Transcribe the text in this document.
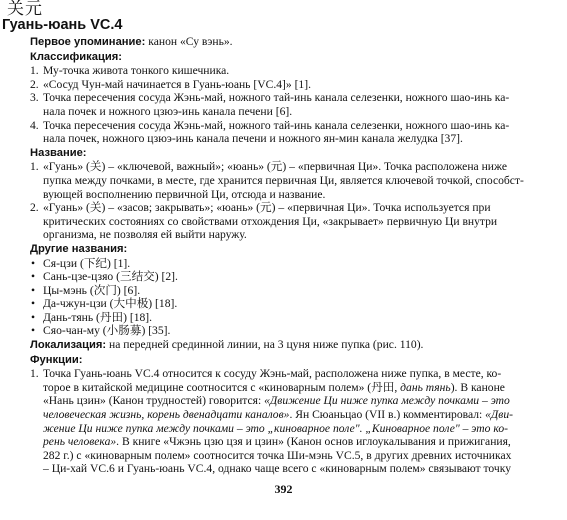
关元
Гуань-юань VC.4
Первое упоминание: канон «Су вэнь».
Классификация:
1. Му-точка живота тонкого кишечника.
2. «Сосуд Чун-май начинается в Гуань-юань [VC.4]» [1].
3. Точка пересечения сосуда Жэнь-май, ножного тай-инь канала селезенки, ножного шао-инь ка-
нала почек и ножного цзюэ-инь канала печени [6].
4. Точка пересечения сосуда Жэнь-май, ножного тай-инь канала селезенки, ножного шао-инь ка-
нала почек, ножного цзюэ-инь канала печени и ножного ян-мин канала желудка [37].
Название:
1. «Гуань» (关) – «ключевой, важный»; «юань» (元) – «первичная Ци». Точка расположена ниже
пупка между почками, в месте, где хранится первичная Ци, является ключевой точкой, способст-
вующей восполнению первичной Ци, отсюда и название.
2. «Гуань» (关) – «засов; закрывать»; «юань» (元) – «первичная Ци». Точка используется при
критических состояниях со свойствами отхождения Ци, «закрывает» первичную Ци внутри
организма, не позволяя ей выйти наружу.
Другие названия:
• Ся-цзи (下纪) [1].
• Сань-цзе-цзяо (三结交) [2].
• Цы-мэнь (次门) [6].
• Да-чжун-цзи (大中极) [18].
• Дань-тянь (丹田) [18].
• Сяо-чан-му (小肠募) [35].
Локализация: на передней срединной линии, на 3 цуня ниже пупка (рис. 110).
Функции:
1. Точка Гуань-юань VC.4 относится к сосуду Жэнь-май, расположена ниже пупка, в месте, ко-
торое в китайской медицине соотносится с «киноварным полем» (丹田, дань тянь). В каноне
«Нань цзин» (Канон трудностей) говорится: «Движение Ци ниже пупка между почками – это
человеческая жизнь, корень двенадцати каналов». Ян Сюаньцао (VII в.) комментировал: «Дви-
жение Ци ниже пупка между почками – это „киноварное поле". „Киноварное поле" – это ко-
рень человека». В книге «Чжэнь цзю цзя и цзин» (Канон основ иглоукалывания и прижигания,
282 г.) с «киноварным полем» соотносится точка Ши-мэнь VC.5, в других древних источниках
– Ци-хай VC.6 и Гуань-юань VC.4, однако чаще всего с «киноварным полем» связывают точку
392
